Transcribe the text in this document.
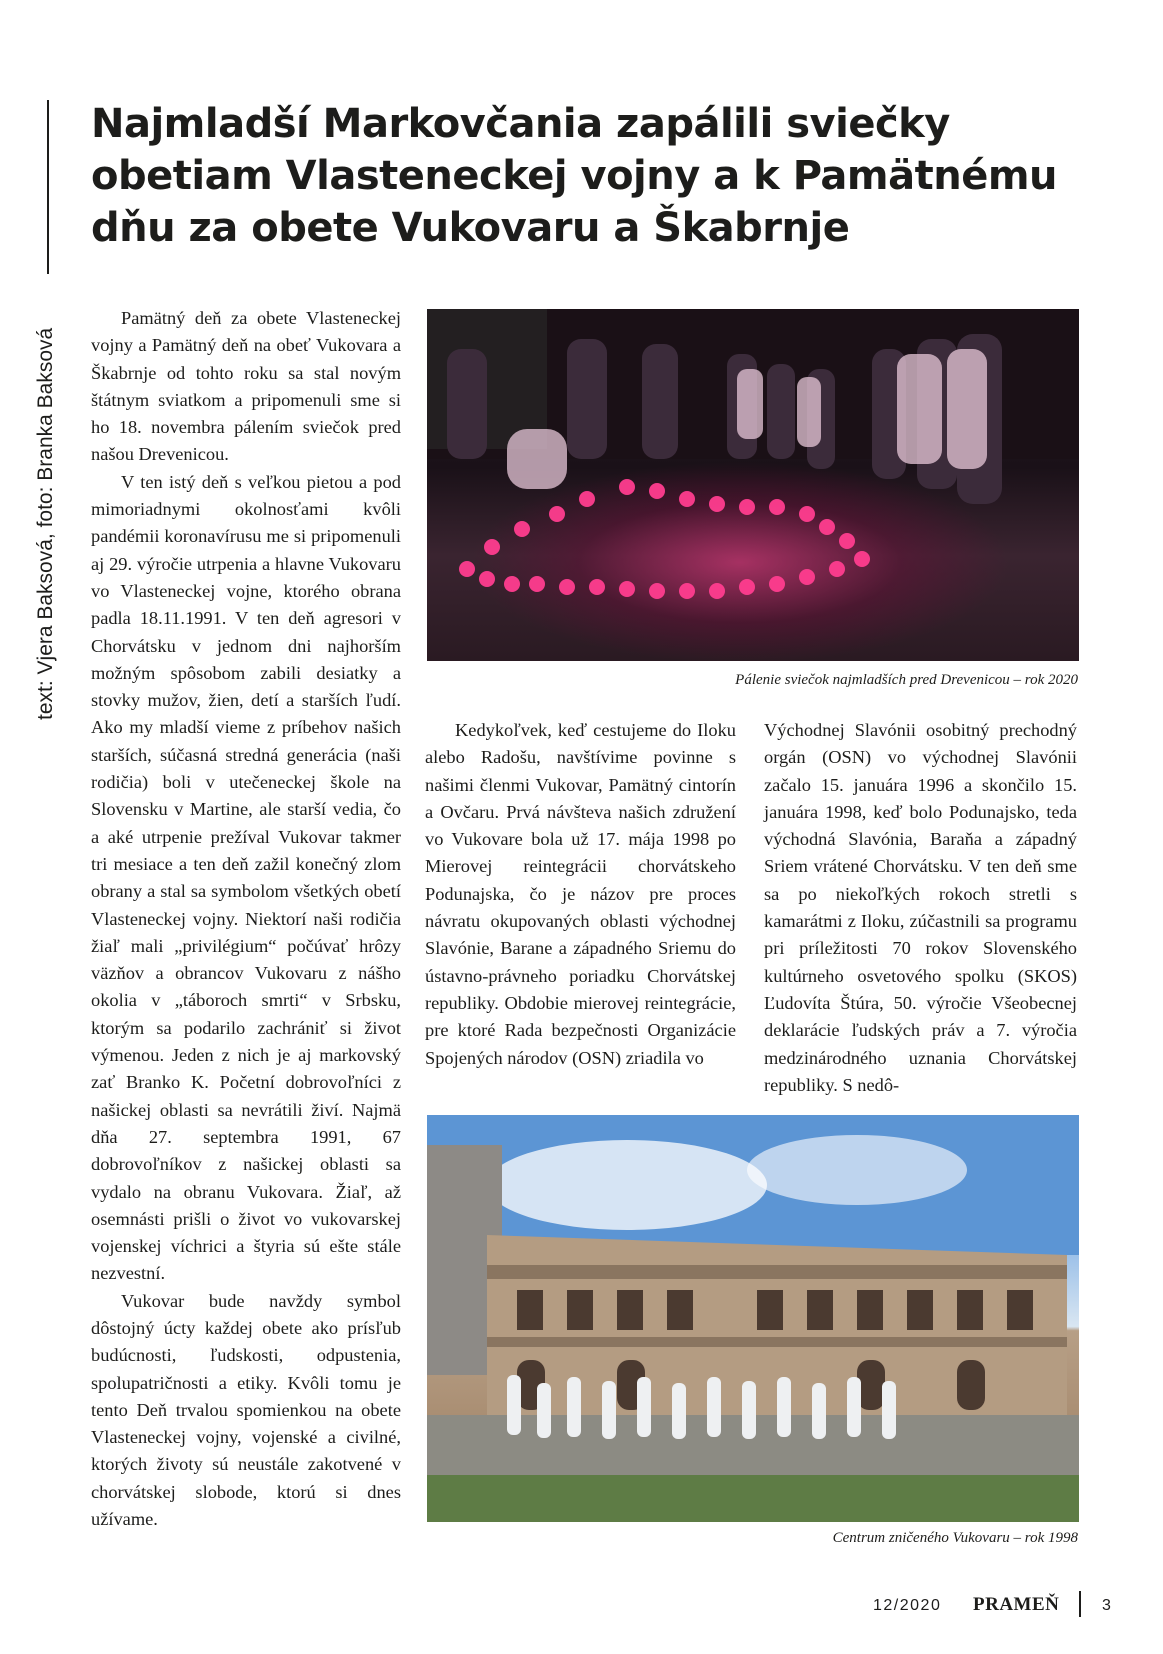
text: Vjera Baksová, foto: Branka Baksová
Najmladší Markovčania zapálili sviečky obetiam Vlasteneckej vojny a k Pamätnému dňu za obete Vukovaru a Škabrnje

Pamätný deň za obete Vlasteneckej vojny a Pamätný deň na obeť Vukovara a Škabrnje od tohto roku sa stal novým štátnym sviatkom a pripomenuli sme si ho 18. novembra pálením sviečok pred našou Drevenicou.

V ten istý deň s veľkou pietou a pod mimoriadnymi okolnosťami kvôli pandémii koronavírusu me si pripomenuli aj 29. výročie utrpenia a hlavne Vukovaru vo Vlasteneckej vojne, ktorého obrana padla 18.11.1991. V ten deň agresori v Chorvátsku v jednom dni najhorším možným spôsobom zabili desiatky a stovky mužov, žien, detí a starších ľudí. Ako my mladší vieme z príbehov našich starších, súčasná stredná generácia (naši rodičia) boli v utečeneckej škole na Slovensku v Martine, ale starší vedia, čo a aké utrpenie prežíval Vukovar takmer tri mesiace a ten deň zažil konečný zlom obrany a stal sa symbolom všetkých obetí Vlasteneckej vojny. Niektorí naši rodičia žiaľ mali „privilégium“ počúvať hrôzy väzňov a obrancov Vukovaru z nášho okolia v „táboroch smrti“ v Srbsku, ktorým sa podarilo zachrániť si život výmenou. Jeden z nich je aj markovský zať Branko K. Početní dobrovoľníci z našickej oblasti sa nevrátili živí. Najmä dňa 27. septembra 1991, 67 dobrovoľníkov z našickej oblasti sa vydalo na obranu Vukovara. Žiaľ, až osemnásti prišli o život vo vukovarskej vojenskej víchrici a štyria sú ešte stále nezvestní.

Vukovar bude navždy symbol dôstojný úcty každej obete ako prísľub budúcnosti, ľudskosti, odpustenia, spolupatričnosti a etiky. Kvôli tomu je tento Deň trvalou spomienkou na obete Vlasteneckej vojny, vojenské a civilné, ktorých životy sú neustále zakotvené v chorvátskej slobode, ktorú si dnes užívame.

Pálenie sviečok najmladších pred Drevenicou – rok 2020

Kedykoľvek, keď cestujeme do Iloku alebo Radošu, navštívime povinne s našimi členmi Vukovar, Pamätný cintorín a Ovčaru. Prvá návšteva našich združení vo Vukovare bola už 17. mája 1998 po Mierovej reintegrácii chorvátskeho Podunajska, čo je názov pre proces návratu okupovaných oblasti východnej Slavónie, Barane a západného Sriemu do ústavno-právneho poriadku Chorvátskej republiky. Obdobie mierovej reintegrácie, pre ktoré Rada bezpečnosti Organizácie Spojených národov (OSN) zriadila vo

Východnej Slavónii osobitný prechodný orgán (OSN) vo východnej Slavónii začalo 15. januára 1996 a skončilo 15. januára 1998, keď bolo Podunajsko, teda východná Slavónia, Baraňa a západný Sriem vrátené Chorvátsku. V ten deň sme sa po niekoľkých rokoch stretli s kamarátmi z Iloku, zúčastnili sa programu pri príležitosti 70 rokov Slovenského kultúrneho osvetového spolku (SKOS) Ľudovíta Štúra, 50. výročie Všeobecnej deklarácie ľudských práv a 7. výročia medzinárodného uznania Chorvátskej republiky. S nedô-

Centrum zničeného Vukovaru – rok 1998
12/2020 PRAMEŇ	3
